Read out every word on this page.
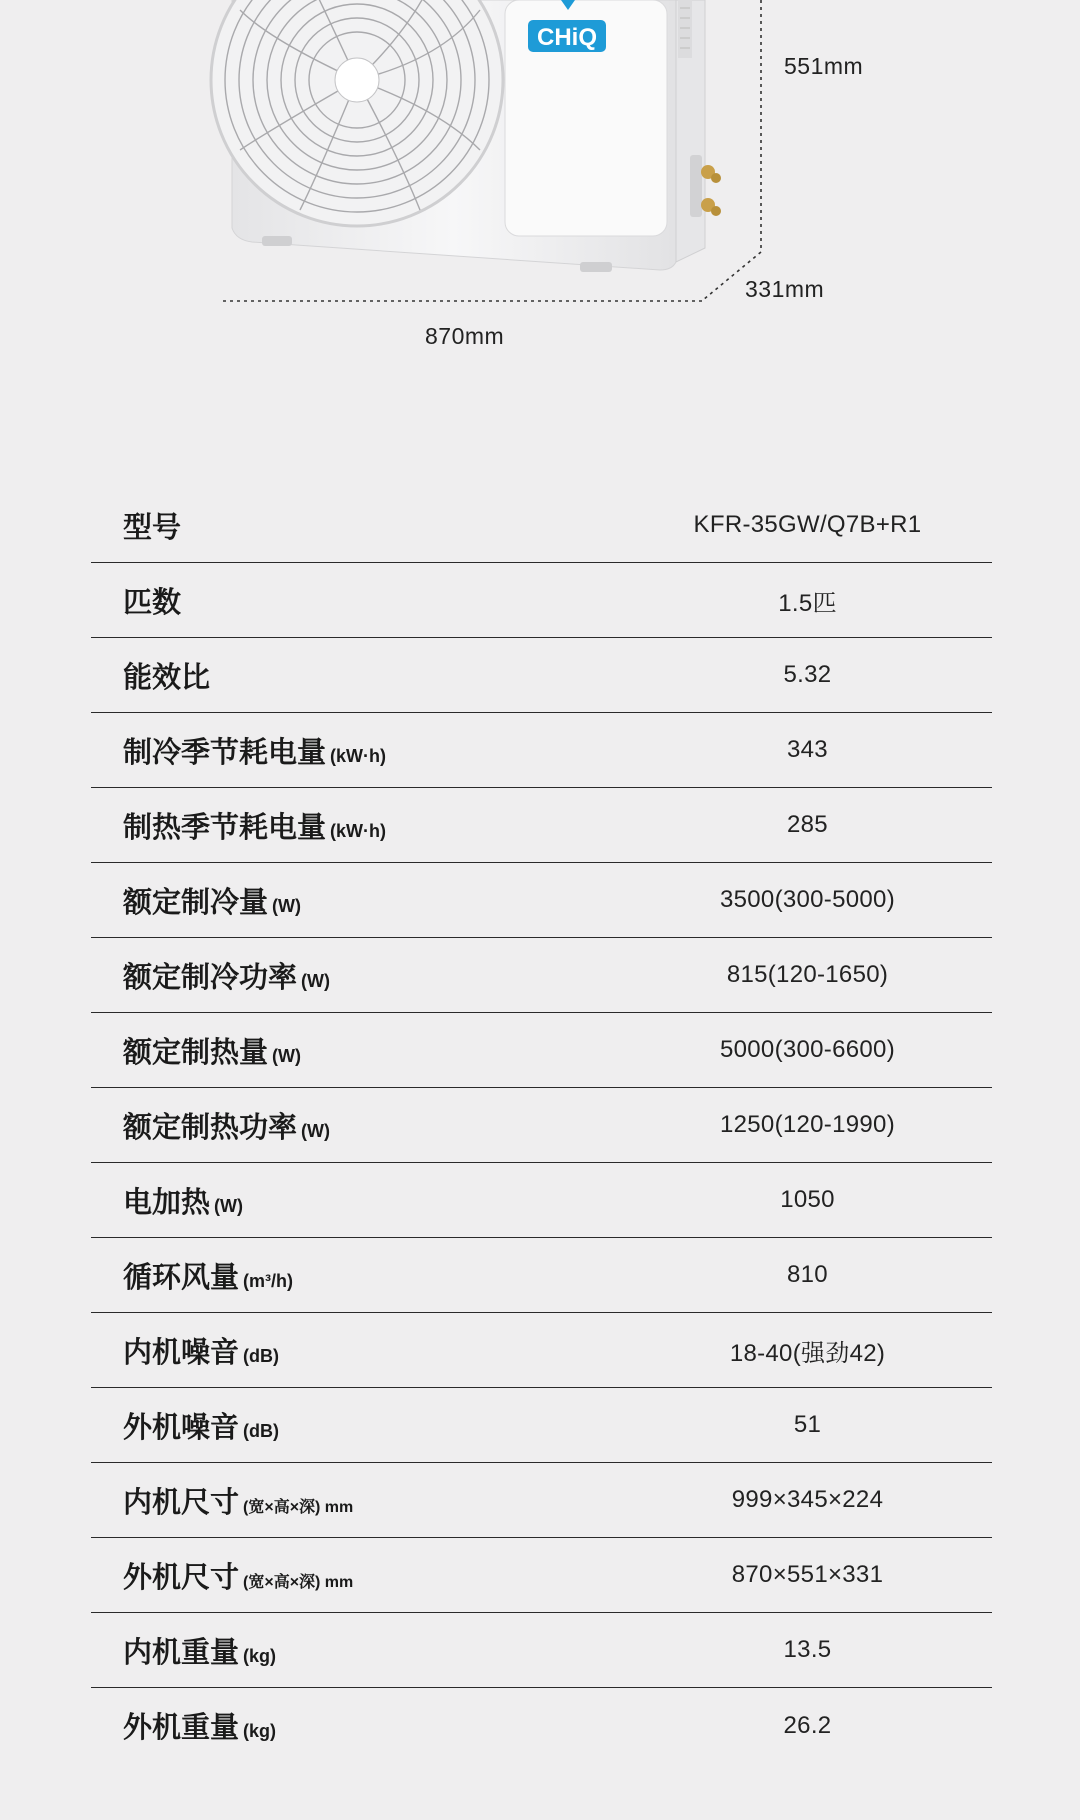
CHiQ
551mm
331mm
870mm
型号	KFR-35GW/Q7B+R1
匹数	1.5匹
能效比	5.32
制冷季节耗电量 (kW·h)	343
制热季节耗电量 (kW·h)	285
额定制冷量 (W)	3500(300-5000)
额定制冷功率 (W)	815(120-1650)
额定制热量 (W)	5000(300-6600)
额定制热功率 (W)	1250(120-1990)
电加热 (W)	1050
循环风量 (m³/h)	810
内机噪音 (dB)	18-40(强劲42)
外机噪音 (dB)	51
内机尺寸 (宽×高×深) mm	999×345×224
外机尺寸 (宽×高×深) mm	870×551×331
内机重量 (kg)	13.5
外机重量 (kg)	26.2
